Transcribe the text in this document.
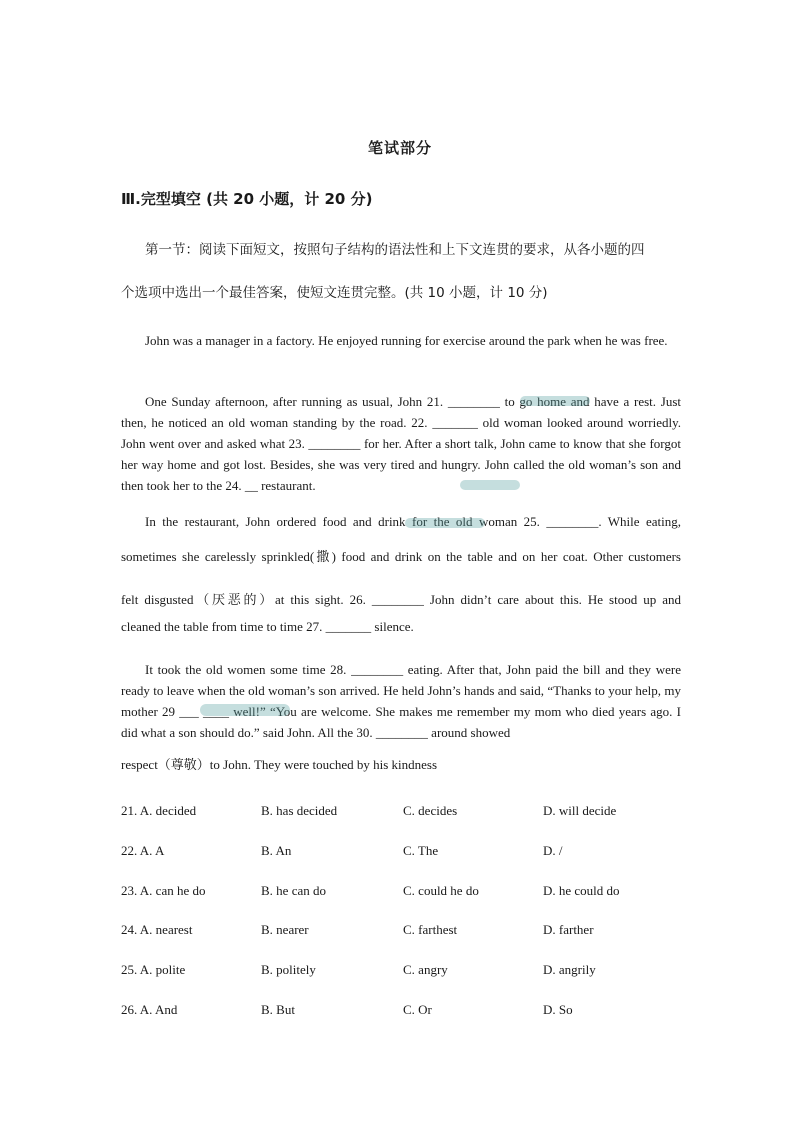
笔试部分
Ⅲ.完型填空 (共 20 小题，计 20 分)
第一节：阅读下面短文，按照句子结构的语法性和上下文连贯的要求，从各小题的四
个选项中选出一个最佳答案，使短文连贯完整。(共 10 小题，计 10 分)

John was a manager in a factory. He enjoyed running for exercise around the park when he was free.

One Sunday afternoon, after running as usual, John 21. ________ to go home and have a rest. Just then, he noticed an old woman standing by the road. 22. _______ old woman looked around worriedly. John went over and asked what 23. ________ for her. After a short talk, John came to know that she forgot her way home and got lost. Besides, she was very tired and hungry. John called the old woman’s son and then took her to the 24. __ restaurant.

In the restaurant, John ordered food and drink for the old woman 25. ________. While eating,
sometimes she carelessly sprinkled(撒) food and drink on the table and on her coat. Other customers
felt disgusted（厌恶的）at this sight. 26. ________ John didn’t care about this. He stood up and
cleaned the table from time to time 27. _______ silence.

It took the old women some time 28. ________ eating. After that, John paid the bill and they were ready to leave when the old woman’s son arrived. He held John’s hands and said, “Thanks to your help, my mother 29 ___ ____ well!” “You are welcome. She makes me remember my mom who died years ago. I did what a son should do.” said John. All the 30. ________ around showed

respect（尊敬）to John. They were touched by his kindness
21. A. decided	B. has decided	C. decides	D. will decide
22. A. A	B. An	C. The	D. /
23. A. can he do	B. he can do	C. could he do	D. he could do
24. A. nearest	B. nearer	C. farthest	D. farther
25. A. polite	B. politely	C. angry	D. angrily
26. A. And	B. But	C. Or	D. So
